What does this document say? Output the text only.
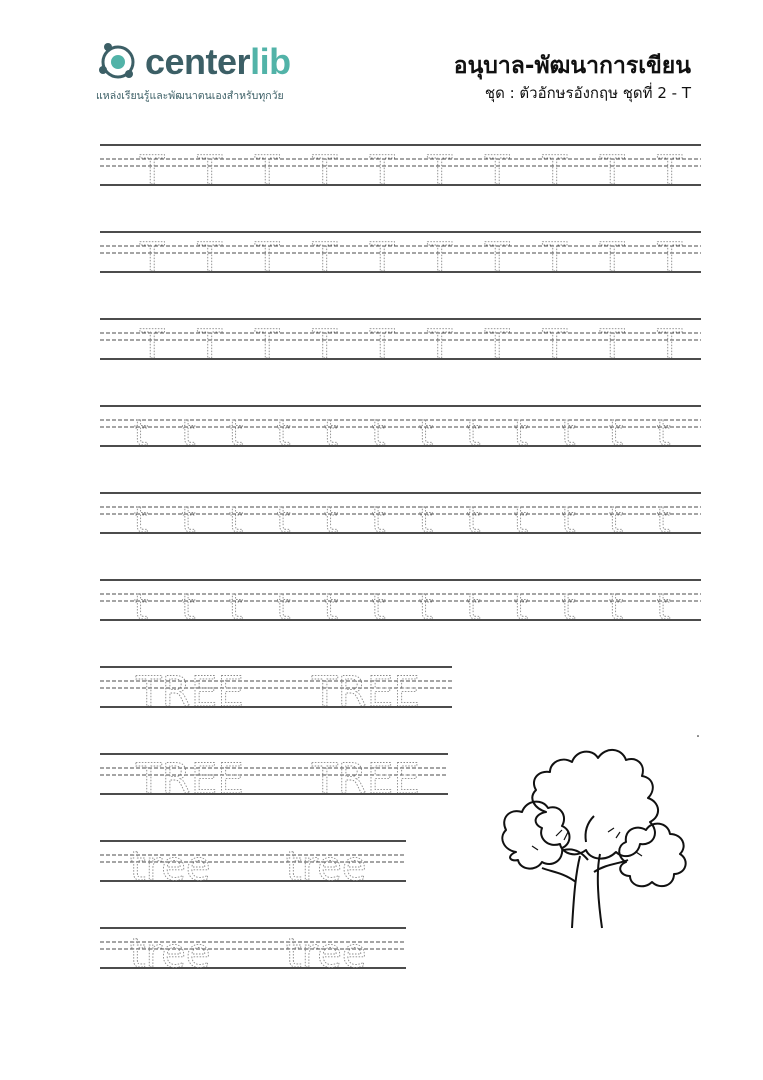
centerlib
แหล่งเรียนรู้และพัฒนาตนเองสำหรับทุกวัย
อนุบาล-พัฒนาการเขียน
ชุด : ตัวอักษรอังกฤษ ชุดที่ 2 - T
T T T T T T T T T T
T T T T T T T T T T
T T T T T T T T T T
t t t t t t t t t t t t
t t t t t t t t t t t t
t t t t t t t t t t t t
TREE TREE
TREE TREE
tree tree
tree tree
